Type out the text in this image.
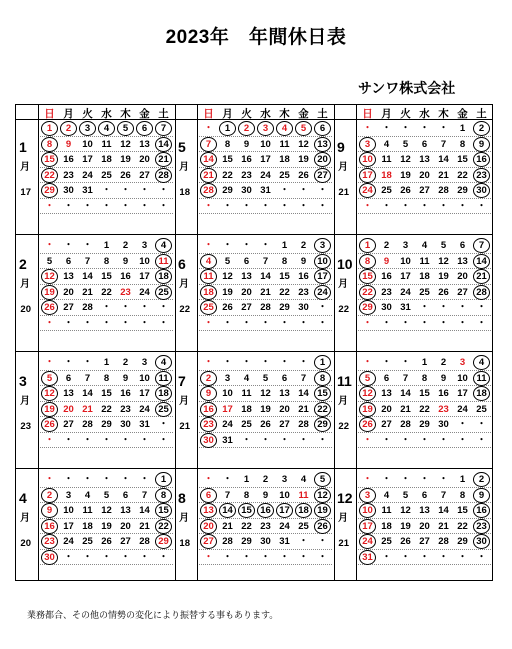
2023年　年間休日表
サンワ株式会社
日 月 火 水 木 金 土	日 月 火 水 木 金 土	日 月 火 水 木 金 土
1
月
17
1	2	3	4	5	6	7
8	9	10 11 12 13 14
15 16 17 18 19 20 21
22 23 24 25 26 27 28
29 30 31 ・ ・ ・ ・
・ ・ ・ ・ ・ ・ ・
2
月
20
・ ・ ・	1	2	3	4
5	6	7	8	9	10 11
12 13 14 15 16 17 18
19 20 21 22 23 24 25
26 27 28 ・ ・ ・ ・
・ ・ ・ ・ ・ ・ ・
3
月
23
・ ・ ・	1	2	3	4
5	6	7	8	9	10 11
12 13 14 15 16 17 18
19 20 21 22 23 24 25
26 27 28 29 30 31 ・
・ ・ ・ ・ ・ ・ ・
4
月
20
・ ・ ・ ・ ・ ・	1
2	3	4	5	6	7	8
9	10 11 12 13 14 15
16 17 18 19 20 21 22
23 24 25 26 27 28 29
30 ・ ・ ・ ・ ・ ・
5
月
18
・	1	2	3	4	5	6
7	8	9	10 11 12 13
14 15 16 17 18 19 20
21 22 23 24 25 26 27
28 29 30 31 ・ ・ ・
・ ・ ・ ・ ・ ・ ・
6
月
22
・ ・ ・ ・	1	2	3
4	5	6	7	8	9	10
11 12 13 14 15 16 17
18 19 20 21 22 23 24
25 26 27 28 29 30 ・
・ ・ ・ ・ ・ ・ ・
7
月
21
・ ・ ・ ・ ・ ・	1
2	3	4	5	6	7	8
9	10 11 12 13 14 15
16 17 18 19 20 21 22
23 24 25 26 27 28 29
30 31 ・ ・ ・ ・ ・
8
月
18
・ ・	1	2	3	4	5
6	7	8	9	10 11 12
13 14 15 16 17 18 19
20 21 22 23 24 25 26
27 28 29 30 31 ・ ・
・ ・ ・ ・ ・ ・ ・
9
月
21
・ ・ ・ ・ ・	1	2
3	4	5	6	7	8	9
10 11 12 13 14 15 16
17 18 19 20 21 22 23
24 25 26 27 28 29 30
・ ・ ・ ・ ・ ・ ・
10
月
22
1	2	3	4	5	6	7
8	9	10 11 12 13 14
15 16 17 18 19 20 21
22 23 24 25 26 27 28
29 30 31 ・ ・ ・ ・
・ ・ ・ ・ ・ ・ ・
11
月
22
・ ・ ・	1	2	3	4
5	6	7	8	9	10 11
12 13 14 15 16 17 18
19 20 21 22 23 24 25
26 27 28 29 30 ・ ・
・ ・ ・ ・ ・ ・ ・
12
月
21
・ ・ ・ ・ ・	1	2
3	4	5	6	7	8	9
10 11 12 13 14 15 16
17 18 19 20 21 22 23
24 25 26 27 28 29 30
31 ・ ・ ・ ・ ・ ・
業務都合、その他の情勢の変化により振替する事もあります。
